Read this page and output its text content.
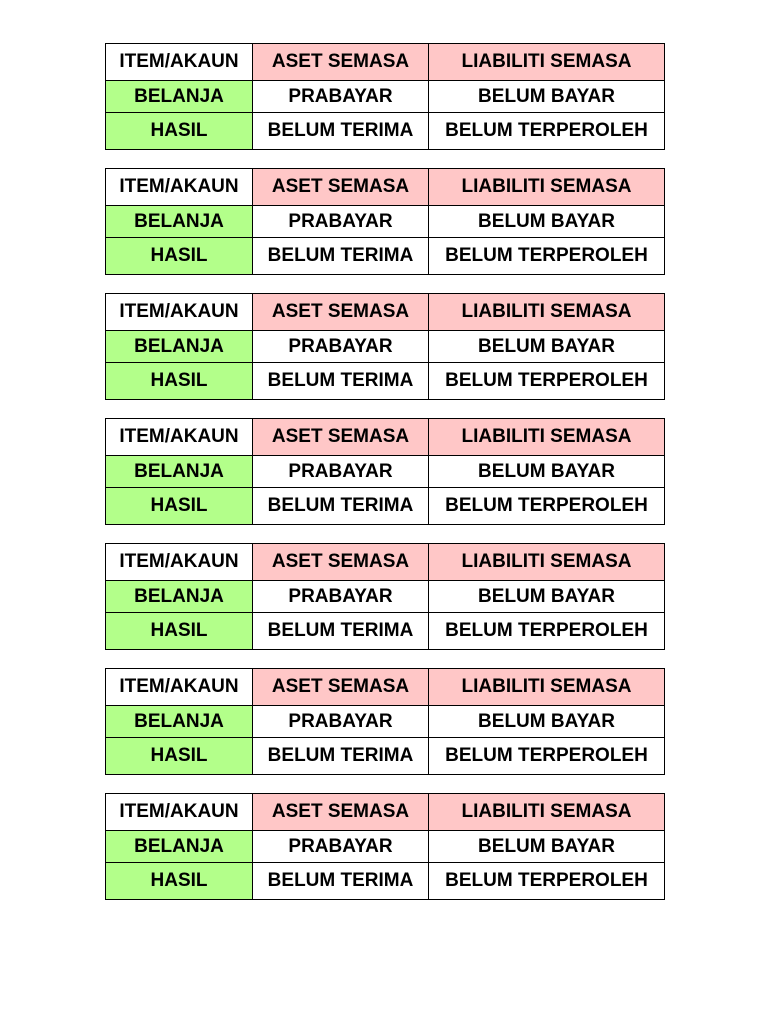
ITEM/AKAUN	ASET SEMASA	LIABILITI SEMASA
BELANJA	PRABAYAR	BELUM BAYAR
HASIL	BELUM TERIMA	BELUM TERPEROLEH
ITEM/AKAUN	ASET SEMASA	LIABILITI SEMASA
BELANJA	PRABAYAR	BELUM BAYAR
HASIL	BELUM TERIMA	BELUM TERPEROLEH
ITEM/AKAUN	ASET SEMASA	LIABILITI SEMASA
BELANJA	PRABAYAR	BELUM BAYAR
HASIL	BELUM TERIMA	BELUM TERPEROLEH
ITEM/AKAUN	ASET SEMASA	LIABILITI SEMASA
BELANJA	PRABAYAR	BELUM BAYAR
HASIL	BELUM TERIMA	BELUM TERPEROLEH
ITEM/AKAUN	ASET SEMASA	LIABILITI SEMASA
BELANJA	PRABAYAR	BELUM BAYAR
HASIL	BELUM TERIMA	BELUM TERPEROLEH
ITEM/AKAUN	ASET SEMASA	LIABILITI SEMASA
BELANJA	PRABAYAR	BELUM BAYAR
HASIL	BELUM TERIMA	BELUM TERPEROLEH
ITEM/AKAUN	ASET SEMASA	LIABILITI SEMASA
BELANJA	PRABAYAR	BELUM BAYAR
HASIL	BELUM TERIMA	BELUM TERPEROLEH
